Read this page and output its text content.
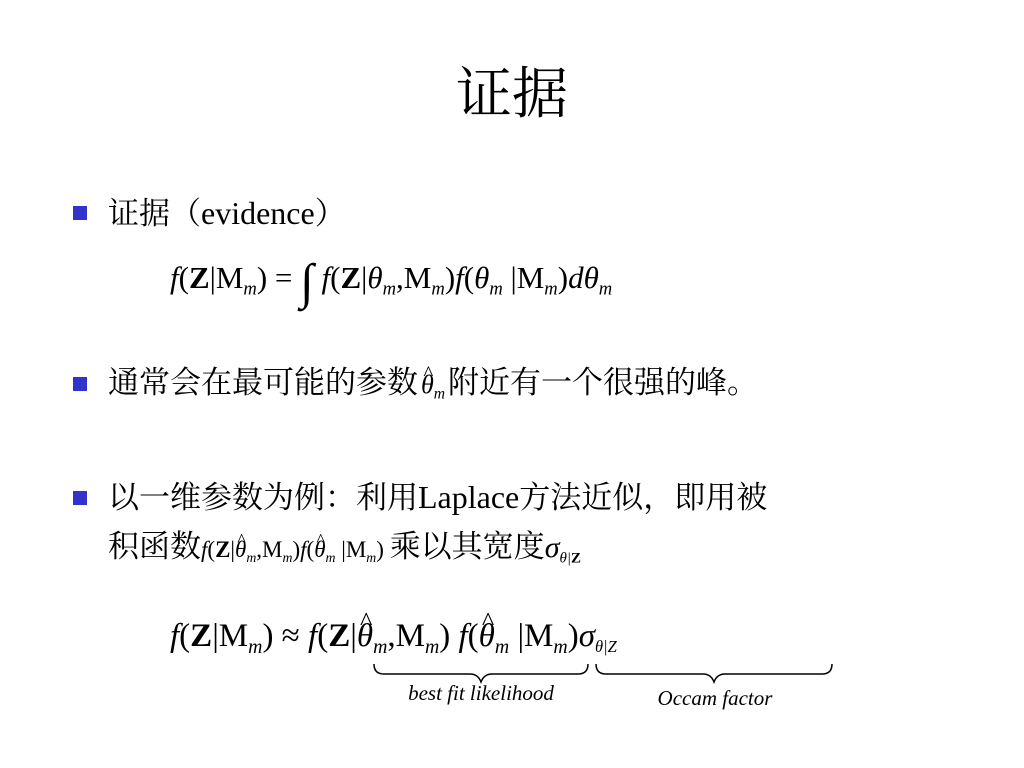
证据
证据（evidence）
$f(Z|M_m)$ = ∫ $f(Z|\theta_m,M_m)f(\theta_m$ $|M_m)d\theta_m$
通常会在最可能的参数^ $\theta_m$附近有一个很强的峰。
以一维参数为例：利用Laplace方法近似，即用被
积函数f(Z|^ $\theta_m,M_m)f(\^{}$ $\theta_m$ $|M_m$) 乘以其宽度$\sigma_{\theta|Z}$
$f(Z|M_m)$ ≈ f(Z|^ $\theta_m,M_m$) f(^ $\theta_m$ $|M_m)\sigma_{\theta|Z}$
best fit likelihood	Occam factor
